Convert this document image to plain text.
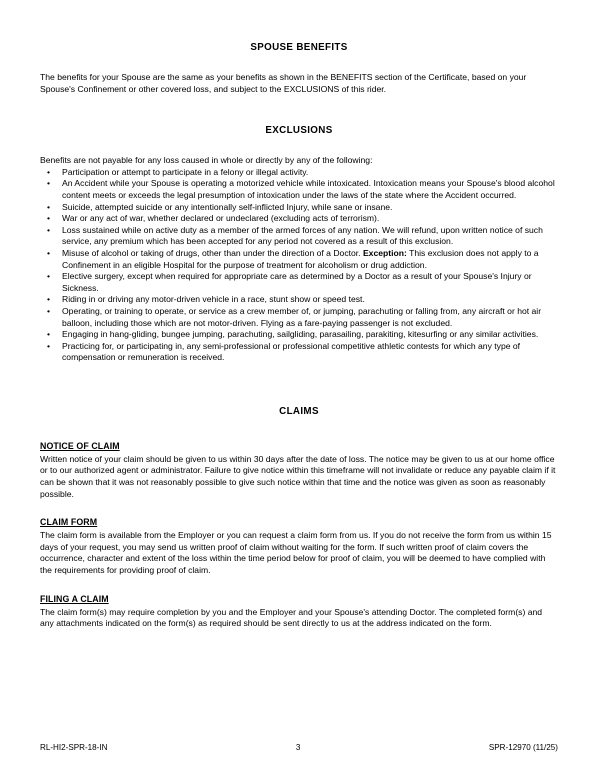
SPOUSE BENEFITS

The benefits for your Spouse are the same as your benefits as shown in the BENEFITS section of the Certificate, based on your Spouse's Confinement or other covered loss, and subject to the EXCLUSIONS of this rider.

EXCLUSIONS

Benefits are not payable for any loss caused in whole or directly by any of the following:

• Participation or attempt to participate in a felony or illegal activity.
• An Accident while your Spouse is operating a motorized vehicle while intoxicated. Intoxication means your Spouse's blood alcohol content meets or exceeds the legal presumption of intoxication under the laws of the state where the Accident occurred.
• Suicide, attempted suicide or any intentionally self-inflicted Injury, while sane or insane.
• War or any act of war, whether declared or undeclared (excluding acts of terrorism).
• Loss sustained while on active duty as a member of the armed forces of any nation. We will refund, upon written notice of such service, any premium which has been accepted for any period not covered as a result of this exclusion.
• Misuse of alcohol or taking of drugs, other than under the direction of a Doctor. Exception: This exclusion does not apply to a Confinement in an eligible Hospital for the purpose of treatment for alcoholism or drug addiction.
• Elective surgery, except when required for appropriate care as determined by a Doctor as a result of your Spouse's Injury or Sickness.
• Riding in or driving any motor-driven vehicle in a race, stunt show or speed test.
• Operating, or training to operate, or service as a crew member of, or jumping, parachuting or falling from, any aircraft or hot air balloon, including those which are not motor-driven. Flying as a fare-paying passenger is not excluded.
• Engaging in hang-gliding, bungee jumping, parachuting, sailgliding, parasailing, parakiting, kitesurfing or any similar activities.
• Practicing for, or participating in, any semi-professional or professional competitive athletic contests for which any type of compensation or remuneration is received.
CLAIMS
NOTICE OF CLAIM

Written notice of your claim should be given to us within 30 days after the date of loss. The notice may be given to us at our home office or to our authorized agent or administrator. Failure to give notice within this timeframe will not invalidate or reduce any payable claim if it can be shown that it was not reasonably possible to give such notice within that time and the notice was given as soon as reasonably possible.

CLAIM FORM

The claim form is available from the Employer or you can request a claim form from us. If you do not receive the form from us within 15 days of your request, you may send us written proof of claim without waiting for the form. If such written proof of claim covers the occurrence, character and extent of the loss within the time period below for proof of claim, you will be deemed to have complied with the requirements for providing proof of claim.

FILING A CLAIM

The claim form(s) may require completion by you and the Employer and your Spouse's attending Doctor. The completed form(s) and any attachments indicated on the form(s) as required should be sent directly to us at the address indicated on the form.

RL-HI2-SPR-18-IN	3	SPR-12970 (11/25)
